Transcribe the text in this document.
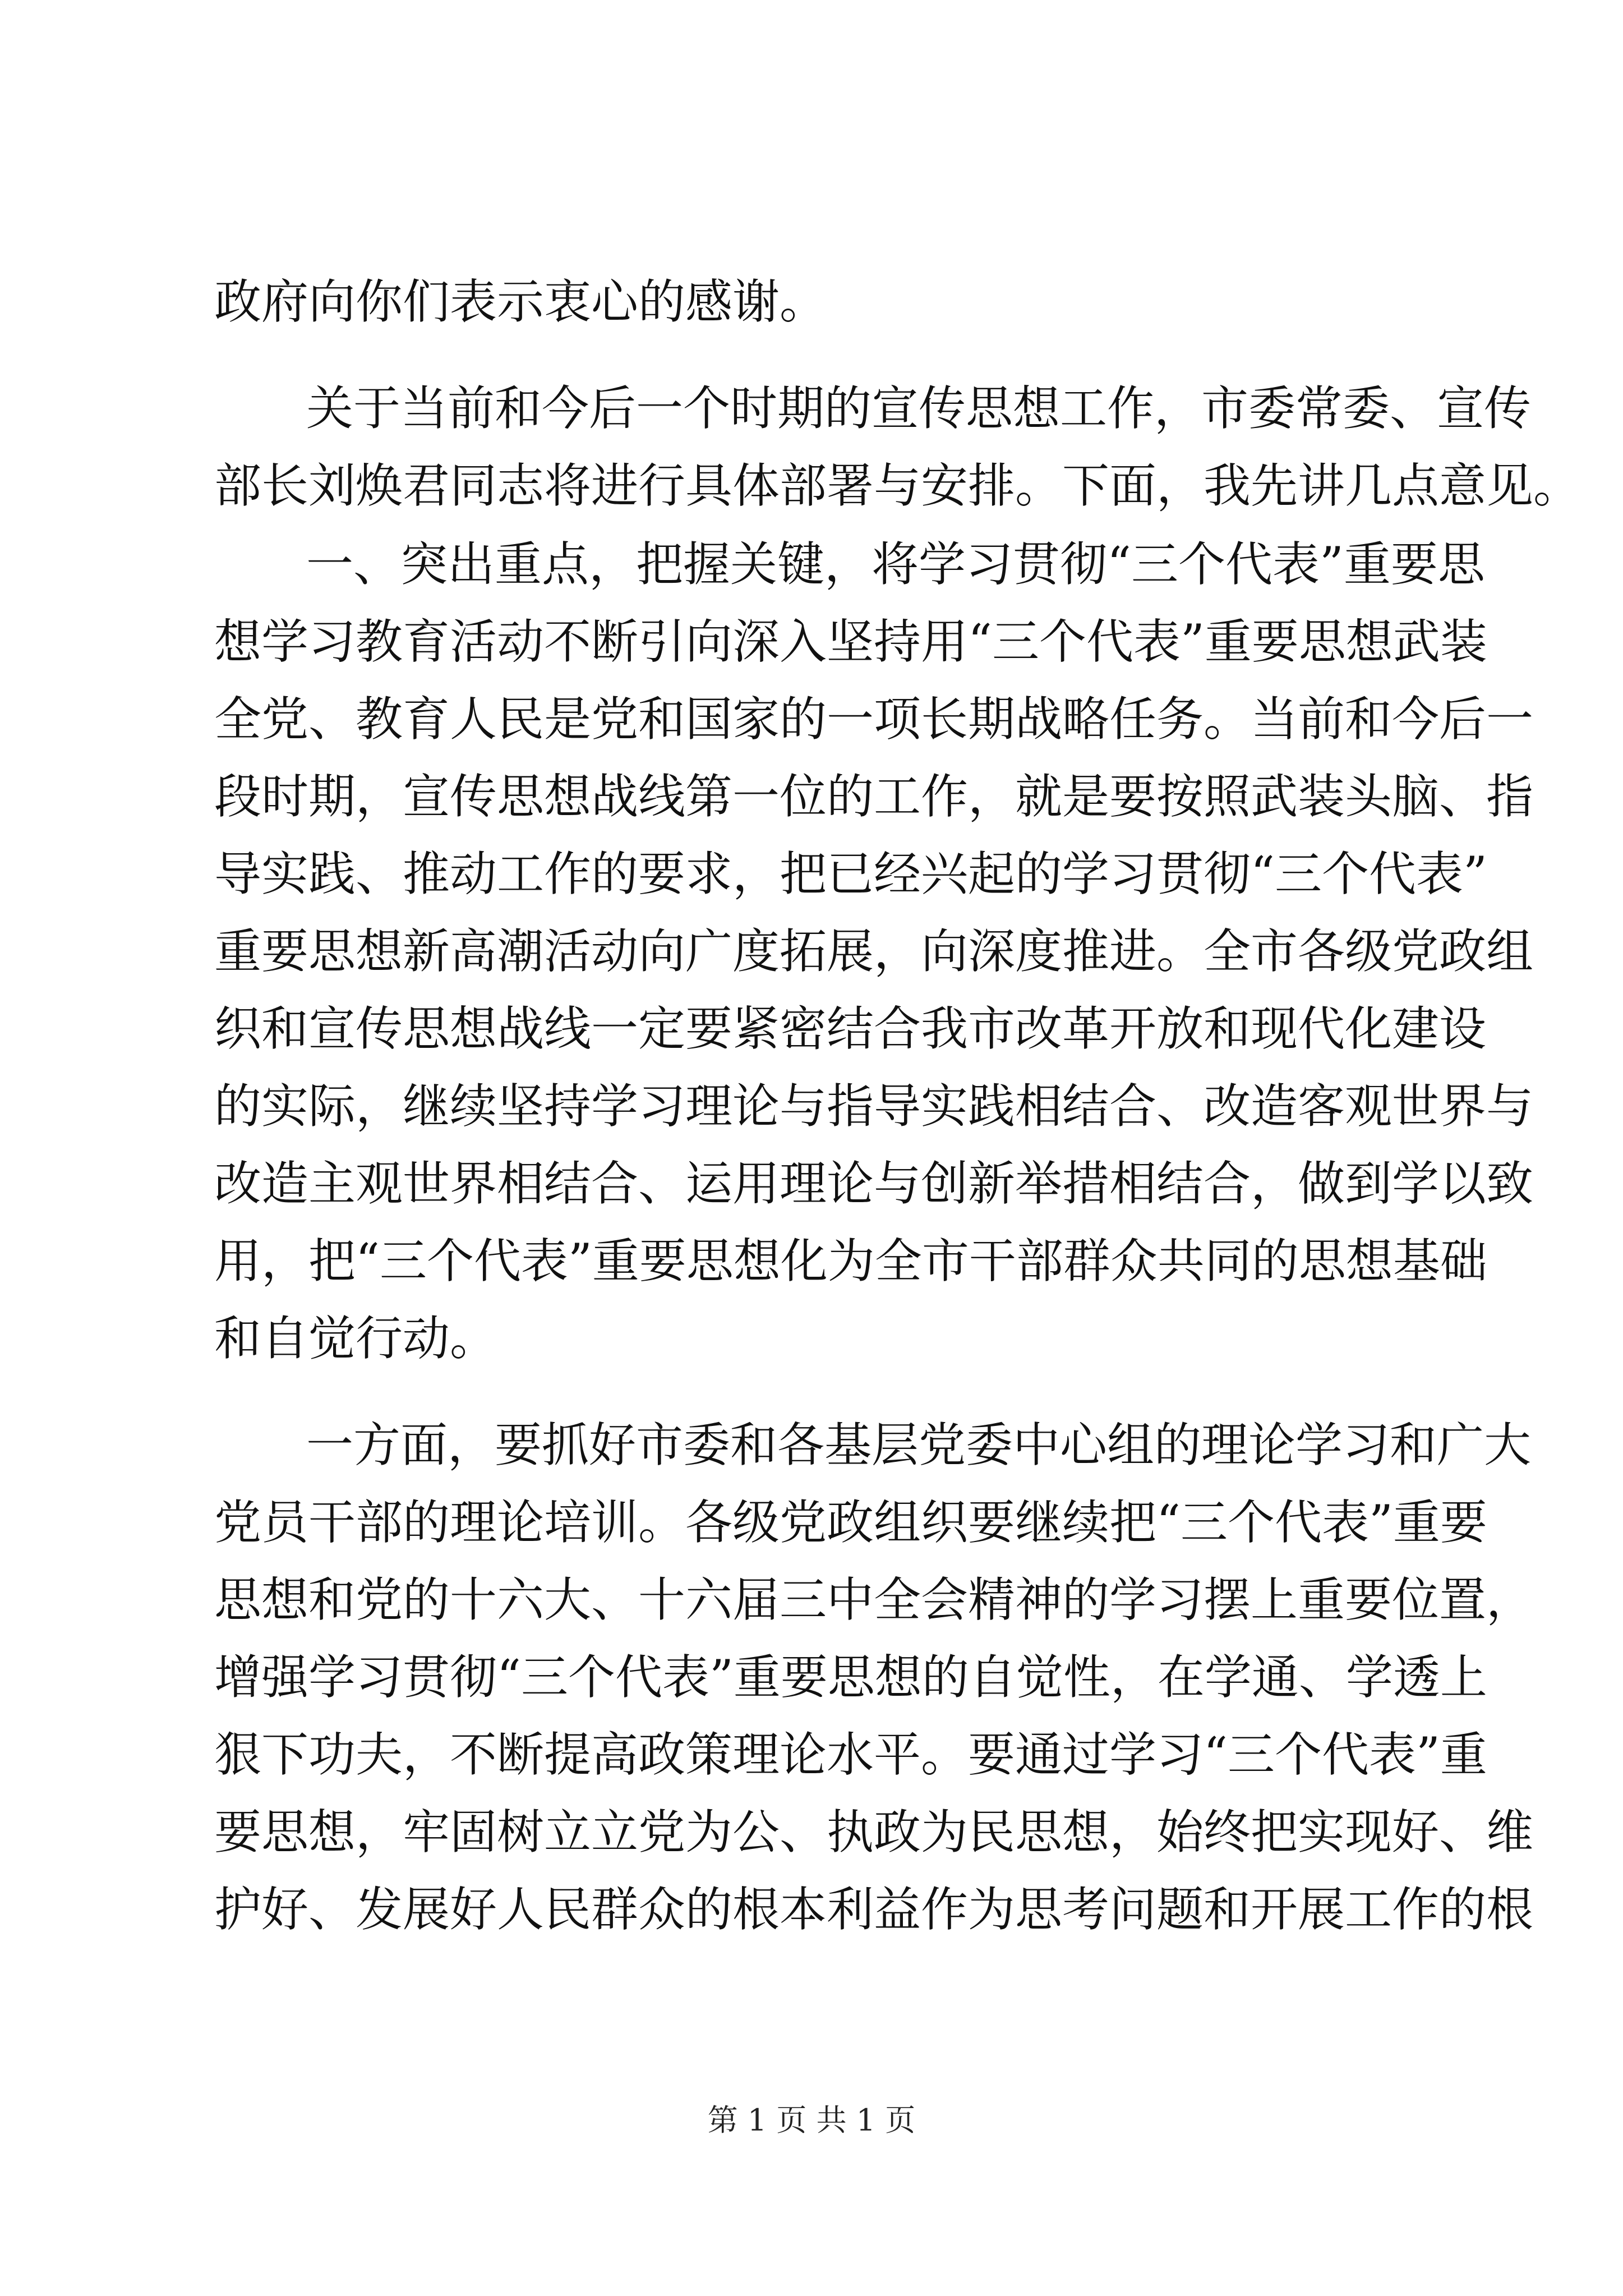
政府向你们表示衷心的感谢。
关于当前和今后一个时期的宣传思想工作，市委常委、宣传
部长刘焕君同志将进行具体部署与安排。下面，我先讲几点意见。
一、突出重点，把握关键，将学习贯彻“三个代表”重要思
想学习教育活动不断引向深入坚持用“三个代表”重要思想武装
全党、教育人民是党和国家的一项长期战略任务。当前和今后一
段时期，宣传思想战线第一位的工作，就是要按照武装头脑、指
导实践、推动工作的要求，把已经兴起的学习贯彻“三个代表”
重要思想新高潮活动向广度拓展，向深度推进。全市各级党政组
织和宣传思想战线一定要紧密结合我市改革开放和现代化建设
的实际，继续坚持学习理论与指导实践相结合、改造客观世界与
改造主观世界相结合、运用理论与创新举措相结合，做到学以致
用，把“三个代表”重要思想化为全市干部群众共同的思想基础
和自觉行动。
一方面，要抓好市委和各基层党委中心组的理论学习和广大
党员干部的理论培训。各级党政组织要继续把“三个代表”重要
思想和党的十六大、十六届三中全会精神的学习摆上重要位置，
增强学习贯彻“三个代表”重要思想的自觉性，在学通、学透上
狠下功夫，不断提高政策理论水平。要通过学习“三个代表”重
要思想，牢固树立立党为公、执政为民思想，始终把实现好、维
护好、发展好人民群众的根本利益作为思考问题和开展工作的根
第 1 页 共 1 页
